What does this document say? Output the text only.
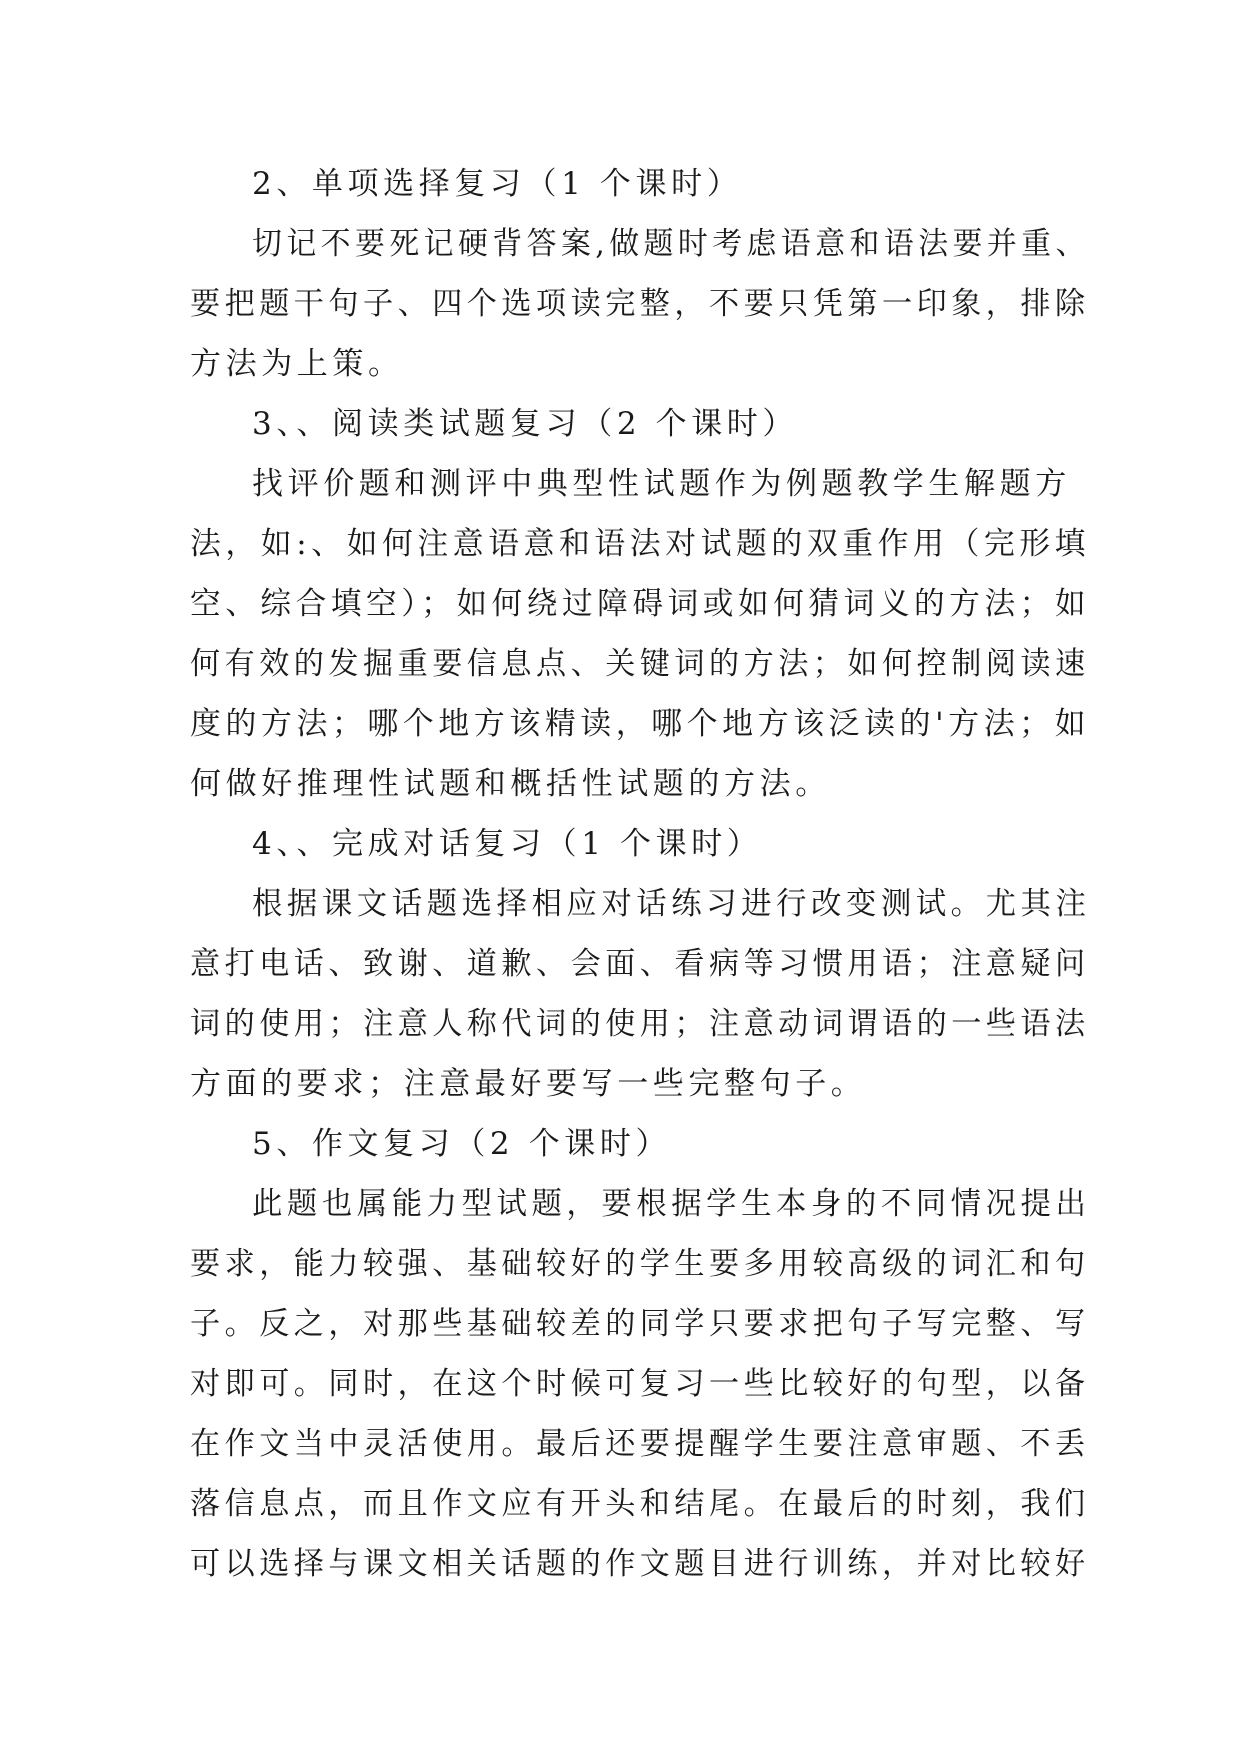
2、单项选择复习（1 个课时）
切记不要死记硬背答案,做题时考虑语意和语法要并重、
要把题干句子、四个选项读完整，不要只凭第一印象，排除
方法为上策。
3、、阅读类试题复习（2 个课时）
找评价题和测评中典型性试题作为例题教学生解题方
法，如:、如何注意语意和语法对试题的双重作用（完形填
空、综合填空）；如何绕过障碍词或如何猜词义的方法；如
何有效的发掘重要信息点、关键词的方法；如何控制阅读速
度的方法；哪个地方该精读，哪个地方该泛读的'方法；如
何做好推理性试题和概括性试题的方法。
4、、完成对话复习（1 个课时）
根据课文话题选择相应对话练习进行改变测试。尤其注
意打电话、致谢、道歉、会面、看病等习惯用语；注意疑问
词的使用；注意人称代词的使用；注意动词谓语的一些语法
方面的要求；注意最好要写一些完整句子。
5、作文复习（2 个课时）
此题也属能力型试题，要根据学生本身的不同情况提出
要求，能力较强、基础较好的学生要多用较高级的词汇和句
子。反之，对那些基础较差的同学只要求把句子写完整、写
对即可。同时，在这个时候可复习一些比较好的句型，以备
在作文当中灵活使用。最后还要提醒学生要注意审题、不丢
落信息点，而且作文应有开头和结尾。在最后的时刻，我们
可以选择与课文相关话题的作文题目进行训练，并对比较好
